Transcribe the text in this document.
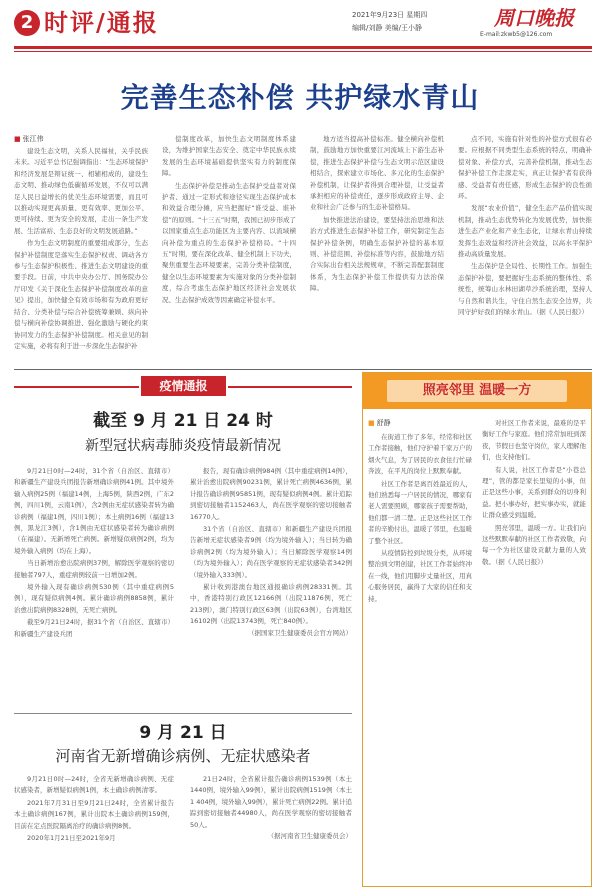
2 时评/通报	2021年9月23日 星期四
编辑/刘静 美编/王小静	周口晚报
E-mail:zkwb5@126.com
完善生态补偿 共护绿水青山
■ 张江伟

建设生态文明，关系人民福祉，关乎民族未来。习近平总书记强调指出：“生态环境保护和经济发展是辩证统一、相辅相成的，建设生态文明、推动绿色低碳循环发展，不仅可以满足人民日益增长的优美生态环境需要，而且可以推动实现更高质量、更有效率、更加公平、更可持续、更为安全的发展，走出一条生产发展、生活富裕、生态良好的文明发展道路。”

作为生态文明制度的重要组成部分，生态保护补偿制度是落实生态保护权责、调动各方参与生态保护积极性、推进生态文明建设的重要手段。日前，中共中央办公厅、国务院办公厅印发《关于深化生态保护补偿制度改革的意见》提出，加快健全有效市场和有为政府更好结合、分类补偿与综合补偿统筹兼顾、纵向补偿与横向补偿协调推进、强化激励与硬化约束协同发力的生态保护补偿制度。相关意见的制定实施，必将有利于进一步深化生态保护补

偿制度改革，加快生态文明制度体系建设，为维护国家生态安全、奠定中华民族永续发展的生态环境基础提供坚实有力的制度保障。

生态保护补偿是推动生态保护受益者对保护者、通过一定形式和途径实现生态保护成本和效益合理分摊，应当把握好“谁受益、谁补偿”的原则。“十三五”时期，我国已初步形成了以国家重点生态功能区为主要内容、以流域横向补偿为重点的生态保护补偿格局。“十四五”时期，要在深化改革、健全机制上下功夫，聚焦重要生态环境要素，完善分类补偿制度，健全以生态环境要素为实施对象的分类补偿制度，综合考虑生态保护地区经济社会发展状况、生态保护成效等因素确定补偿水平。

地方适当提高补偿标准。健全横向补偿机制，鼓励地方加快重要江河流域上下游生态补偿，推进生态保护补偿与生态文明示范区建设相结合，探索建立市场化、多元化的生态保护补偿机制，让保护者得到合理补偿，让受益者承担相应的补偿责任，逐步形成政府主导、企业和社会广泛参与的生态补偿格局。

加快推进法治建设，要坚持法治思维和法治方式推进生态保护补偿工作，研究制定生态保护补偿条例，明确生态保护补偿的基本原则、补偿范围、补偿标准等内容，鼓励地方结合实际出台相关法规规章，不断完善配套制度体系，为生态保护补偿工作提供有力法治保障。

点不同，实施有针对性的补偿方式很有必要。应根据不同类型生态系统的特点，明确补偿对象、补偿方式，完善补偿机制，推动生态保护补偿工作走深走实，真正让保护者有获得感、受益者有责任感，形成生态保护的良性循环。

发展“农业价值”，健全生态产品价值实现机制，推动生态优势转化为发展优势，加快推进生态产业化和产业生态化，让绿水青山持续发挥生态效益和经济社会效益，以高水平保护推动高质量发展。

生态保护是全局性、长期性工作。加强生态保护补偿，要把握好生态系统的整体性、系统性，统筹山水林田湖草沙系统治理，坚持人与自然和谐共生，守住自然生态安全边界，共同守护好我们的绿水青山。（据《人民日报》）

疫情通报
截至 9 月 21 日 24 时
新型冠状病毒肺炎疫情最新情况

9月21日0时—24时，31个省（自治区、直辖市）和新疆生产建设兵团报告新增确诊病例41例。其中境外输入病例25例（福建14例，上海5例，陕西2例，广东2例，四川1例，云南1例），含2例由无症状感染者转为确诊病例（福建1例，四川1例）；本土病例16例（福建13例，黑龙江3例），含1例由无症状感染者转为确诊病例（在福建）。无新增死亡病例。新增疑似病例2例，均为境外输入病例（均在上海）。

当日新增治愈出院病例37例，解除医学观察的密切接触者797人，重症病例较前一日增加2例。

境外输入现有确诊病例530例（其中重症病例5例），现有疑似病例4例。累计确诊病例8858例，累计治愈出院病例8328例，无死亡病例。

截至9月21日24时，据31个省（自治区、直辖市）和新疆生产建设兵团

报告，现有确诊病例984例（其中重症病例14例），累计治愈出院病例90231例，累计死亡病例4636例，累计报告确诊病例95851例，现有疑似病例4例。累计追踪到密切接触者1152463人，尚在医学观察的密切接触者16770人。

31个省（自治区、直辖市）和新疆生产建设兵团报告新增无症状感染者9例（均为境外输入）；当日转为确诊病例2例（均为境外输入）；当日解除医学观察14例（均为境外输入）；尚在医学观察的无症状感染者342例（境外输入333例）。

累计收到港澳台地区通报确诊病例28331例。其中，香港特别行政区12166例（出院11876例，死亡213例），澳门特别行政区63例（出院63例），台湾地区16102例（出院13743例，死亡840例）。

（据国家卫生健康委员会官方网站）
9 月 21 日
河南省无新增确诊病例、无症状感染者

9月21日0时—24时，全省无新增确诊病例、无症状感染者，新增疑似病例1例，本土确诊病例清零。

2021年7月31日至9月21日24时，全省累计报告本土确诊病例167例，累计出院本土确诊病例159例，目前在定点医院隔离治疗的确诊病例8例。

2020年1月21日至2021年9月

21日24时，全省累计报告确诊病例1539例（本土1440例，境外输入99例），累计出院病例1519例（本土1 404例，境外输入99例），累计死亡病例22例。累计追踪到密切接触者44980人，尚在医学观察的密切接触者50人。

（据河南省卫生健康委员会）
照亮邻里 温暖一方
■ 舒静

在街道工作了多年，经常和社区工作者接触，他们守护着千家万户的烟火气息，为了居民的衣食住行忙碌奔波，在平凡的岗位上默默奉献。

社区工作者是离百姓最近的人，他们熟悉每一户居民的情况，哪家有老人需要照顾，哪家孩子需要帮助，他们都一清二楚。正是这些社区工作者的辛勤付出，温暖了邻里，也温暖了整个社区。

从疫情防控到垃圾分类，从环境整治到文明创建，社区工作者始终冲在一线，他们用脚步丈量社区，用真心服务居民，赢得了大家的信任和支持。

对社区工作者来说，最难的是平衡好工作与家庭。他们常常加班到深夜，节假日也坚守岗位，家人理解他们，也支持他们。

有人说，社区工作者是“小巷总理”，管的都是家长里短的小事，但正是这些小事，关系到群众的切身利益。把小事办好，把实事办实，就能让群众感受到温暖。

照亮邻里，温暖一方。让我们向这些默默奉献的社区工作者致敬，向每一个为社区建设贡献力量的人致敬。（据《人民日报》）
